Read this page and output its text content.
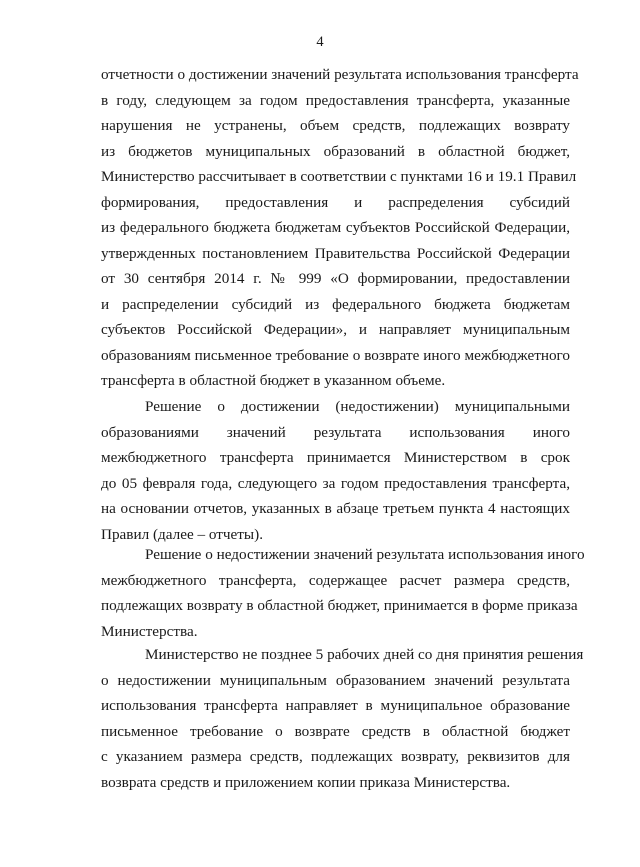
4

отчетности о достижении значений результата использования трансферта
в году, следующем за годом предоставления трансферта, указанные
нарушения не устранены, объем средств, подлежащих возврату
из бюджетов муниципальных образований в областной бюджет,
Министерство рассчитывает в соответствии с пунктами 16 и 19.1 Правил
формирования, предоставления и распределения субсидий
из федерального бюджета бюджетам субъектов Российской Федерации,
утвержденных постановлением Правительства Российской Федерации
от 30 сентября 2014 г. № 999 «О формировании, предоставлении
и распределении субсидий из федерального бюджета бюджетам
субъектов Российской Федерации», и направляет муниципальным
образованиям письменное требование о возврате иного межбюджетного
трансферта в областной бюджет в указанном объеме.

Решение о достижении (недостижении) муниципальными
образованиями значений результата использования иного
межбюджетного трансферта принимается Министерством в срок
до 05 февраля года, следующего за годом предоставления трансферта,
на основании отчетов, указанных в абзаце третьем пункта 4 настоящих
Правил (далее – отчеты).

Решение о недостижении значений результата использования иного
межбюджетного трансферта, содержащее расчет размера средств,
подлежащих возврату в областной бюджет, принимается в форме приказа
Министерства.

Министерство не позднее 5 рабочих дней со дня принятия решения
о недостижении муниципальным образованием значений результата
использования трансферта направляет в муниципальное образование
письменное требование о возврате средств в областной бюджет
с указанием размера средств, подлежащих возврату, реквизитов для
возврата средств и приложением копии приказа Министерства.
